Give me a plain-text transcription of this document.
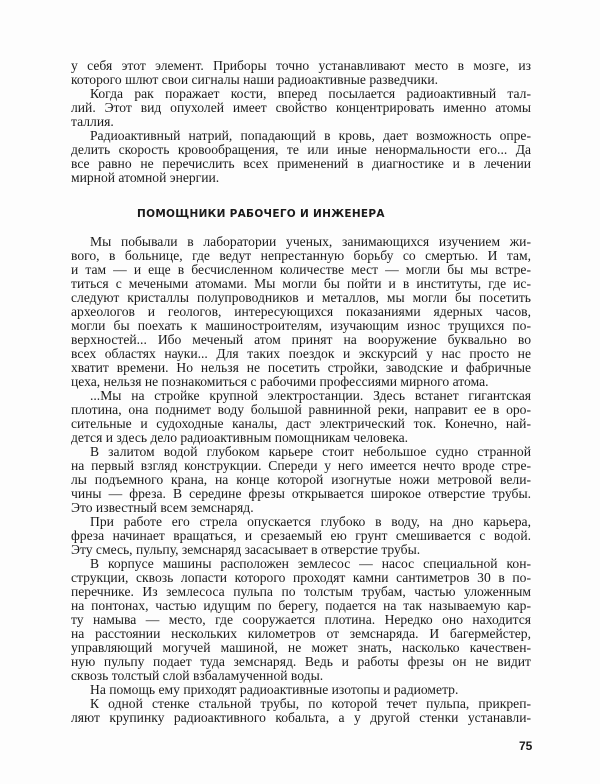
ПОМОЩНИКИ РАБОЧЕГО И ИНЖЕНЕРА
75
у себя этот элемент. Приборы точно устанавливают место в мозге, из
которого шлют свои сигналы наши радиоактивные разведчики.
Когда рак поражает кости, вперед посылается радиоактивный тал-
лий. Этот вид опухолей имеет свойство концентрировать именно атомы
таллия.
Радиоактивный натрий, попадающий в кровь, дает возможность опре-
делить скорость кровообращения, те или иные ненормальности его... Да
все равно не перечислить всех применений в диагностике и в лечении
мирной атомной энергии.
Мы побывали в лаборатории ученых, занимающихся изучением жи-
вого, в больнице, где ведут непрестанную борьбу со смертью. И там,
и там — и еще в бесчисленном количестве мест — могли бы мы встре-
титься с мечеными атомами. Мы могли бы пойти и в институты, где ис-
следуют кристаллы полупроводников и металлов, мы могли бы посетить
археологов и геологов, интересующихся показаниями ядерных часов,
могли бы поехать к машиностроителям, изучающим износ трущихся по-
верхностей... Ибо меченый атом принят на вооружение буквально во
всех областях науки... Для таких поездок и экскурсий у нас просто не
хватит времени. Но нельзя не посетить стройки, заводские и фабричные
цеха, нельзя не познакомиться с рабочими профессиями мирного атома.
...Мы на стройке крупной электростанции. Здесь встанет гигантская
плотина, она поднимет воду большой равнинной реки, направит ее в оро-
сительные и судоходные каналы, даст электрический ток. Конечно, най-
дется и здесь дело радиоактивным помощникам человека.
В залитом водой глубоком карьере стоит небольшое судно странной
на первый взгляд конструкции. Спереди у него имеется нечто вроде стре-
лы подъемного крана, на конце которой изогнутые ножи метровой вели-
чины — фреза. В середине фрезы открывается широкое отверстие трубы.
Это известный всем земснаряд.
При работе его стрела опускается глубоко в воду, на дно карьера,
фреза начинает вращаться, и срезаемый ею грунт смешивается с водой.
Эту смесь, пульпу, земснаряд засасывает в отверстие трубы.
В корпусе машины расположен землесос — насос специальной кон-
струкции, сквозь лопасти которого проходят камни сантиметров 30 в по-
перечнике. Из землесоса пульпа по толстым трубам, частью уложенным
на понтонах, частью идущим по берегу, подается на так называемую кар-
ту намыва — место, где сооружается плотина. Нередко оно находится
на расстоянии нескольких километров от земснаряда. И багермейстер,
управляющий могучей машиной, не может знать, насколько качествен-
ную пульпу подает туда земснаряд. Ведь и работы фрезы он не видит
сквозь толстый слой взбаламученной воды.
На помощь ему приходят радиоактивные изотопы и радиометр.
К одной стенке стальной трубы, по которой течет пульпа, прикреп-
ляют крупинку радиоактивного кобальта, а у другой стенки устанавли-
